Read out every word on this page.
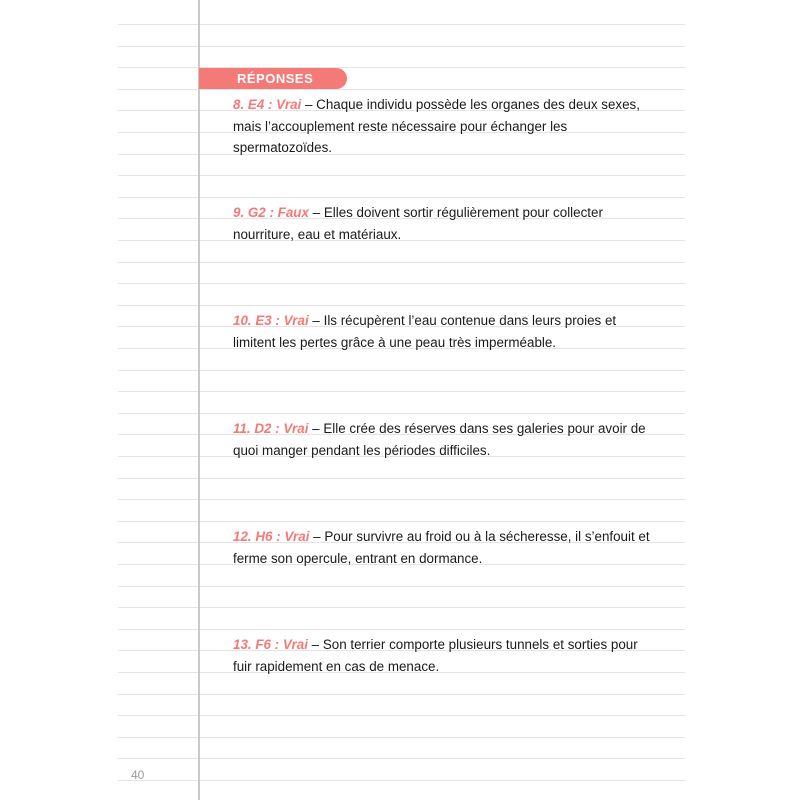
RÉPONSES
8. E4 : Vrai – Chaque individu possède les organes des deux sexes, mais l’accouplement reste nécessaire pour échanger les spermatozoïdes.
9. G2 : Faux – Elles doivent sortir régulièrement pour collecter nourriture, eau et matériaux.
10. E3 : Vrai – Ils récupèrent l’eau contenue dans leurs proies et limitent les pertes grâce à une peau très imperméable.
11. D2 : Vrai – Elle crée des réserves dans ses galeries pour avoir de quoi manger pendant les périodes difficiles.
12. H6 : Vrai – Pour survivre au froid ou à la sécheresse, il s’enfouit et ferme son opercule, entrant en dormance.
13. F6 : Vrai – Son terrier comporte plusieurs tunnels et sorties pour fuir rapidement en cas de menace.
40
